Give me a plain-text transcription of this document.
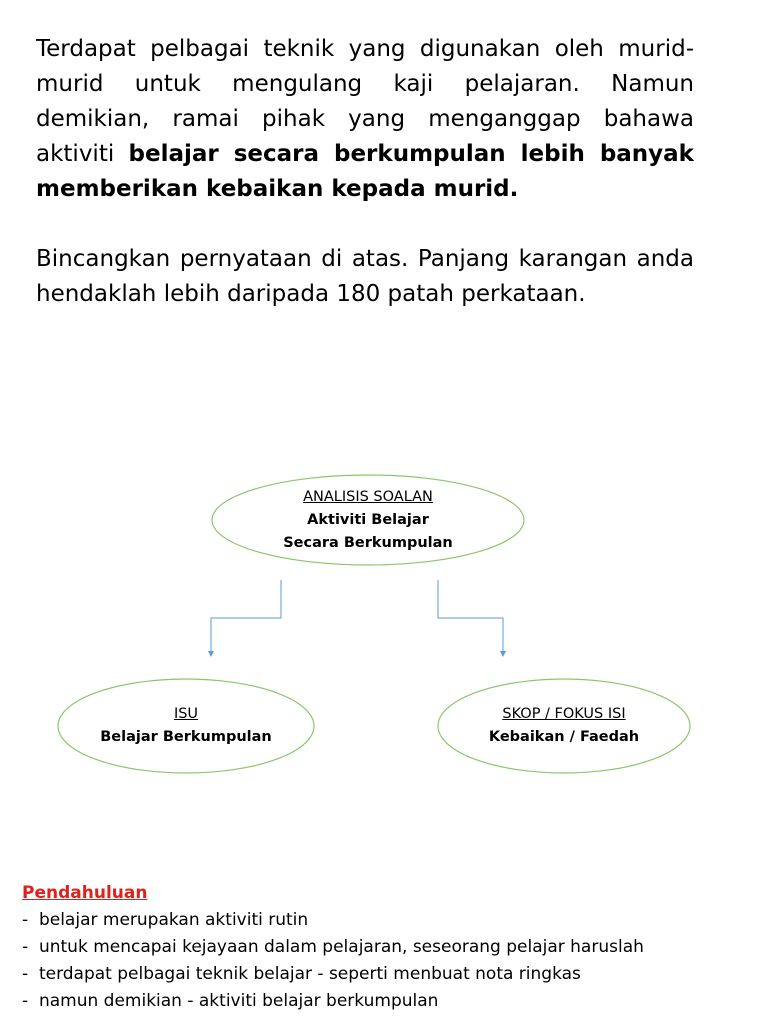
Terdapat pelbagai teknik yang digunakan oleh murid-murid untuk mengulang kaji pelajaran. Namun demikian, ramai pihak yang menganggap bahawa aktiviti belajar secara berkumpulan lebih banyak memberikan kebaikan kepada murid.

Bincangkan pernyataan di atas. Panjang karangan anda hendaklah lebih daripada 180 patah perkataan.

ANALISIS SOALAN
Aktiviti Belajar Secara Berkumpulan
ISU
Belajar Berkumpulan
SKOP / FOKUS ISI
Kebaikan / Faedah
Pendahuluan
-  belajar merupakan aktiviti rutin
-  untuk mencapai kejayaan dalam pelajaran, seseorang pelajar haruslah
-  terdapat pelbagai teknik belajar - seperti menbuat nota ringkas
-  namun demikian - aktiviti belajar berkumpulan
